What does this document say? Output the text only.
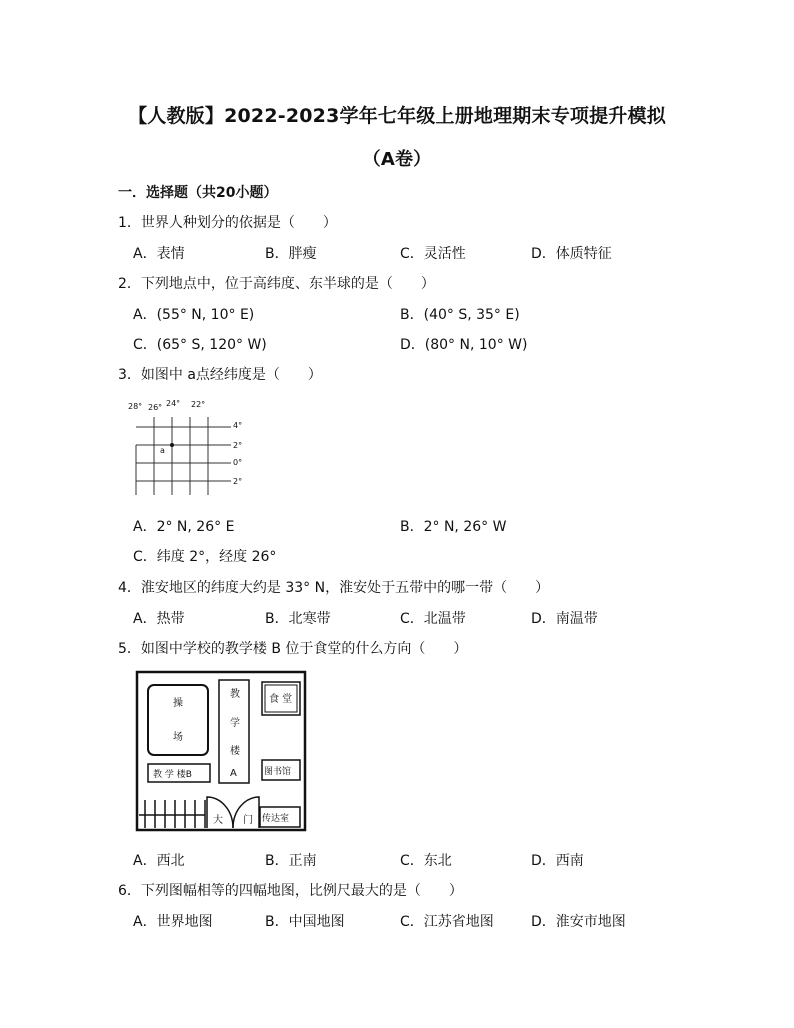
【人教版】2022-2023学年七年级上册地理期末专项提升模拟
（A卷）
一．选择题（共20小题）
1．世界人种划分的依据是（　　）
A．表情	B．胖瘦	C．灵活性	D．体质特征
2．下列地点中，位于高纬度、东半球的是（　　）
A．(55° N, 10° E)	B．(40° S, 35° E)
C．(65° S, 120° W)	D．(80° N, 10° W)
3．如图中 a点经纬度是（　　）
28° 26° 24° 22°
4°
2°
0°
2°
a
A．2° N, 26° E	B．2° N, 26° W
C．纬度 2°，经度 26°
4．淮安地区的纬度大约是 33° N，淮安处于五带中的哪一带（　　）
A．热带	B．北寒带	C．北温带	D．南温带
5．如图中学校的教学楼 B 位于食堂的什么方向（　　）
操
场
教
学
楼
A
教 学 楼B
食 堂
图书馆
大 门 传达室
A．西北	B．正南	C．东北	D．西南
6．下列图幅相等的四幅地图，比例尺最大的是（　　）
A．世界地图	B．中国地图	C．江苏省地图	D．淮安市地图
